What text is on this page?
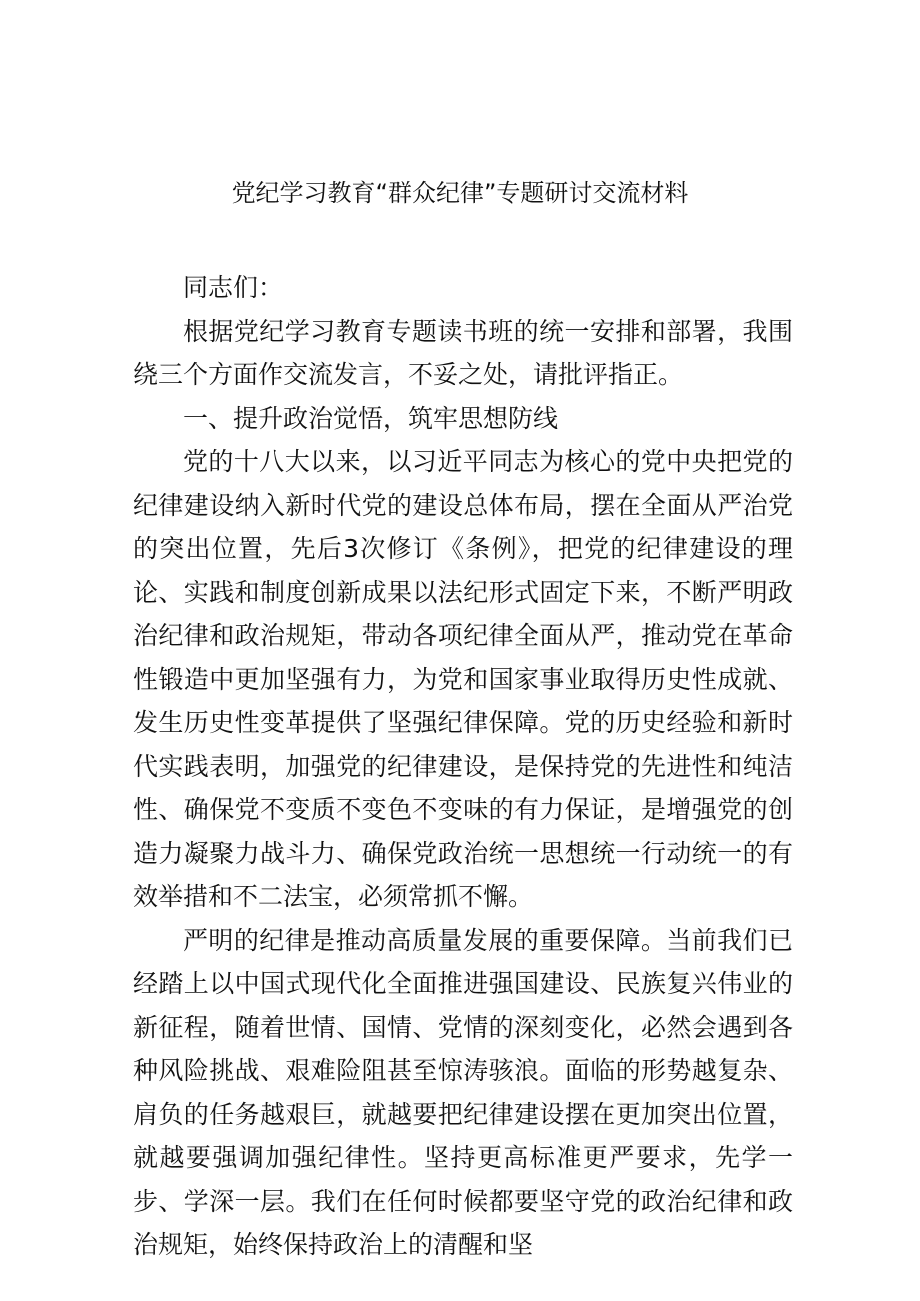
党纪学习教育“群众纪律”专题研讨交流材料

同志们：

根据党纪学习教育专题读书班的统一安排和部署，我围绕三个方面作交流发言，不妥之处，请批评指正。

一、提升政治觉悟，筑牢思想防线

党的十八大以来，以习近平同志为核心的党中央把党的纪律建设纳入新时代党的建设总体布局，摆在全面从严治党的突出位置，先后3次修订《条例》，把党的纪律建设的理论、实践和制度创新成果以法纪形式固定下来，不断严明政治纪律和政治规矩，带动各项纪律全面从严，推动党在革命性锻造中更加坚强有力，为党和国家事业取得历史性成就、发生历史性变革提供了坚强纪律保障。党的历史经验和新时代实践表明，加强党的纪律建设，是保持党的先进性和纯洁性、确保党不变质不变色不变味的有力保证，是增强党的创造力凝聚力战斗力、确保党政治统一思想统一行动统一的有效举措和不二法宝，必须常抓不懈。

严明的纪律是推动高质量发展的重要保障。当前我们已经踏上以中国式现代化全面推进强国建设、民族复兴伟业的新征程，随着世情、国情、党情的深刻变化，必然会遇到各种风险挑战、艰难险阻甚至惊涛骇浪。面临的形势越复杂、肩负的任务越艰巨，就越要把纪律建设摆在更加突出位置，就越要强调加强纪律性。坚持更高标准更严要求，先学一步、学深一层。我们在任何时候都要坚守党的政治纪律和政治规矩，始终保持政治上的清醒和坚
